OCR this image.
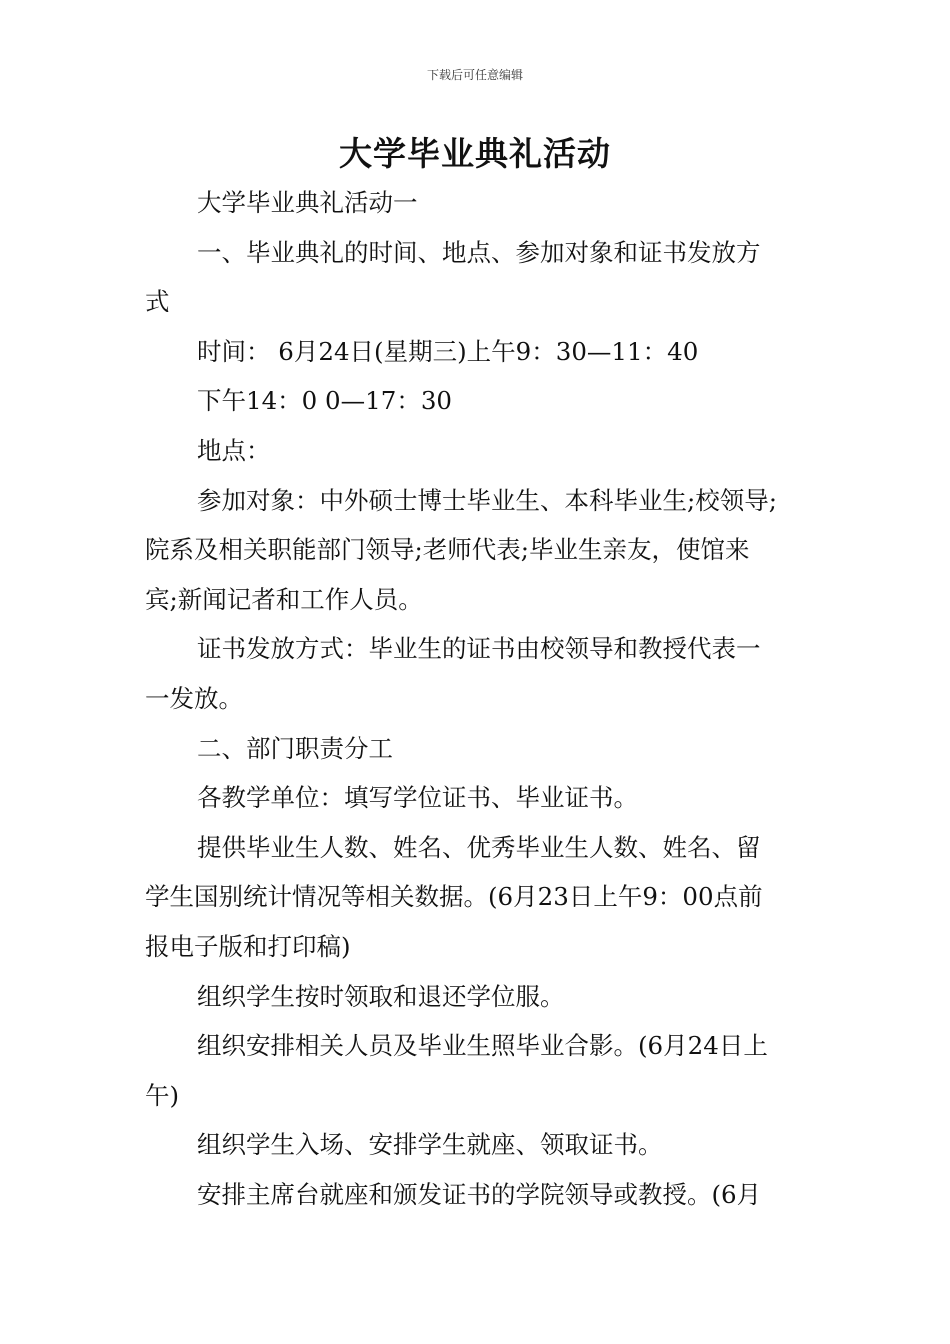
下载后可任意编辑
大学毕业典礼活动

大学毕业典礼活动一

一、毕业典礼的时间、地点、参加对象和证书发放方

式

时间： 6月24日(星期三)上午9：30—11：40

下午14：0 0—17：30

地点：

参加对象：中外硕士博士毕业生、本科毕业生;校领导;

院系及相关职能部门领导;老师代表;毕业生亲友，使馆来

宾;新闻记者和工作人员。

证书发放方式：毕业生的证书由校领导和教授代表一

一发放。

二、部门职责分工

各教学单位：填写学位证书、毕业证书。

提供毕业生人数、姓名、优秀毕业生人数、姓名、留

学生国别统计情况等相关数据。(6月23日上午9：00点前

报电子版和打印稿)

组织学生按时领取和退还学位服。

组织安排相关人员及毕业生照毕业合影。(6月24日上

午)

组织学生入场、安排学生就座、领取证书。

安排主席台就座和颁发证书的学院领导或教授。(6月
